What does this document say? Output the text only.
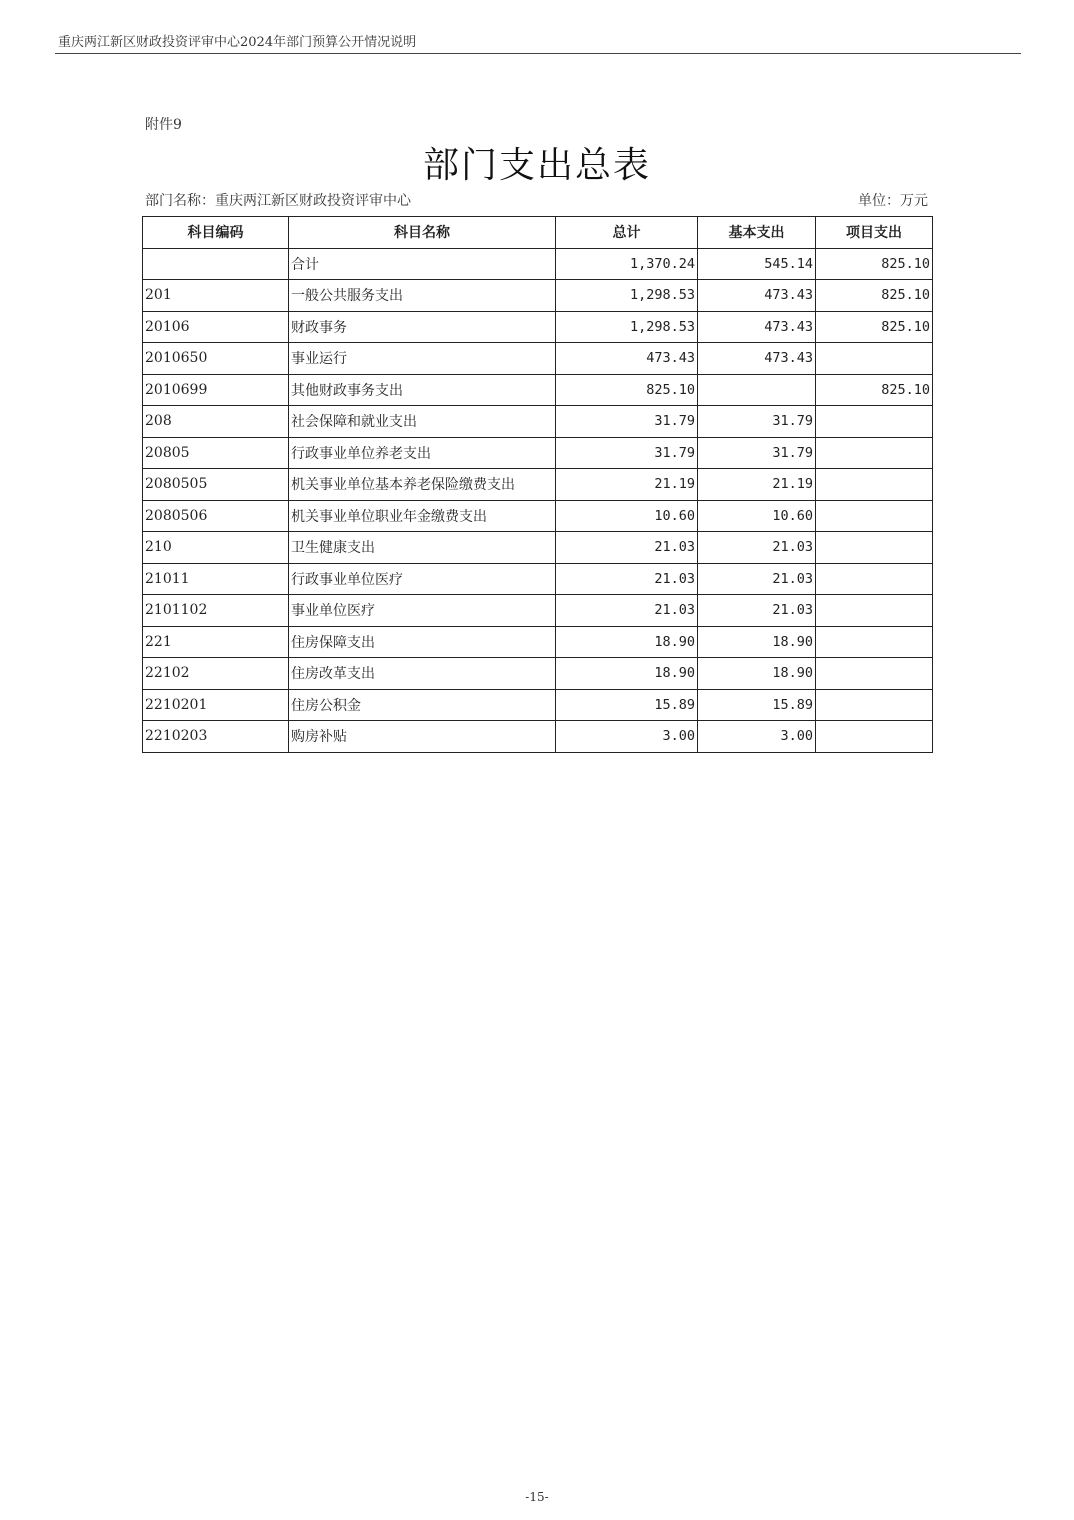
重庆两江新区财政投资评审中心2024年部门预算公开情况说明
附件9
部门支出总表
部门名称：重庆两江新区财政投资评审中心	单位：万元
科目编码	科目名称	总计	基本支出	项目支出
	合计	1,370.24	545.14	825.10
201	一般公共服务支出	1,298.53	473.43	825.10
20106	财政事务	1,298.53	473.43	825.10
2010650	事业运行	473.43	473.43	
2010699	其他财政事务支出	825.10		825.10
208	社会保障和就业支出	31.79	31.79	
20805	行政事业单位养老支出	31.79	31.79	
2080505	机关事业单位基本养老保险缴费支出	21.19	21.19	
2080506	机关事业单位职业年金缴费支出	10.60	10.60	
210	卫生健康支出	21.03	21.03	
21011	行政事业单位医疗	21.03	21.03	
2101102	事业单位医疗	21.03	21.03	
221	住房保障支出	18.90	18.90	
22102	住房改革支出	18.90	18.90	
2210201	住房公积金	15.89	15.89	
2210203	购房补贴	3.00	3.00	
-15-
